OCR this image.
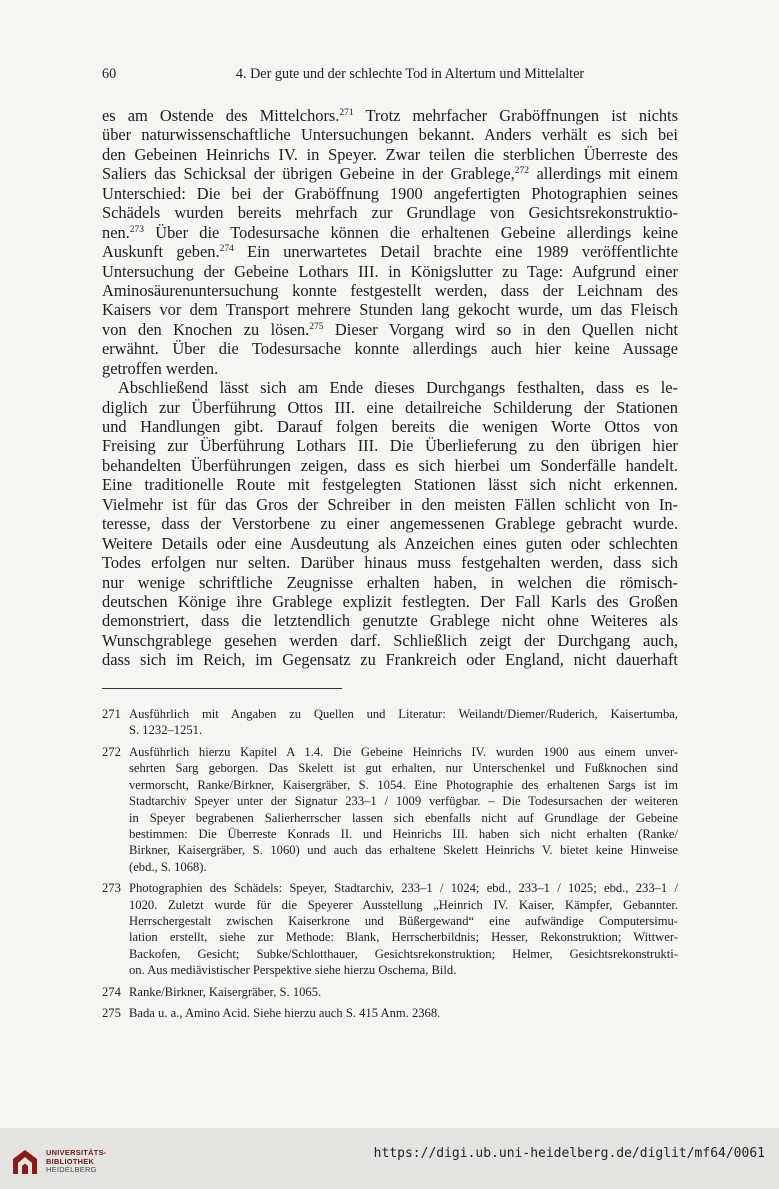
60	4. Der gute und der schlechte Tod in Altertum und Mittelalter
es am Ostende des Mittelchors.$^{271}$ Trotz mehrfacher Graböffnungen ist nichts
über naturwissenschaftliche Untersuchungen bekannt. Anders verhält es sich bei
den Gebeinen Heinrichs IV. in Speyer. Zwar teilen die sterblichen Überreste des
Saliers das Schicksal der übrigen Gebeine in der Grablege,$^{272}$ allerdings mit einem
Unterschied: Die bei der Graböffnung 1900 angefertigten Photographien seines
Schädels wurden bereits mehrfach zur Grundlage von Gesichtsrekonstruktio-
nen.$^{273}$ Über die Todesursache können die erhaltenen Gebeine allerdings keine
Auskunft geben.$^{274}$ Ein unerwartetes Detail brachte eine 1989 veröffentlichte
Untersuchung der Gebeine Lothars III. in Königslutter zu Tage: Aufgrund einer
Aminosäurenuntersuchung konnte festgestellt werden, dass der Leichnam des
Kaisers vor dem Transport mehrere Stunden lang gekocht wurde, um das Fleisch
von den Knochen zu lösen.$^{275}$ Dieser Vorgang wird so in den Quellen nicht
erwähnt. Über die Todesursache konnte allerdings auch hier keine Aussage
getroffen werden.
Abschließend lässt sich am Ende dieses Durchgangs festhalten, dass es le-
diglich zur Überführung Ottos III. eine detailreiche Schilderung der Stationen
und Handlungen gibt. Darauf folgen bereits die wenigen Worte Ottos von
Freising zur Überführung Lothars III. Die Überlieferung zu den übrigen hier
behandelten Überführungen zeigen, dass es sich hierbei um Sonderfälle handelt.
Eine traditionelle Route mit festgelegten Stationen lässt sich nicht erkennen.
Vielmehr ist für das Gros der Schreiber in den meisten Fällen schlicht von In-
teresse, dass der Verstorbene zu einer angemessenen Grablege gebracht wurde.
Weitere Details oder eine Ausdeutung als Anzeichen eines guten oder schlechten
Todes erfolgen nur selten. Darüber hinaus muss festgehalten werden, dass sich
nur wenige schriftliche Zeugnisse erhalten haben, in welchen die römisch-
deutschen Könige ihre Grablege explizit festlegten. Der Fall Karls des Großen
demonstriert, dass die letztendlich genutzte Grablege nicht ohne Weiteres als
Wunschgrablege gesehen werden darf. Schließlich zeigt der Durchgang auch,
dass sich im Reich, im Gegensatz zu Frankreich oder England, nicht dauerhaft
271 Ausführlich mit Angaben zu Quellen und Literatur: Weilandt/Diemer/Ruderich, Kaisertumba,
S. 1232–1251.
272 Ausführlich hierzu Kapitel A 1.4. Die Gebeine Heinrichs IV. wurden 1900 aus einem unver-
sehrten Sarg geborgen. Das Skelett ist gut erhalten, nur Unterschenkel und Fußknochen sind
vermorscht, Ranke/Birkner, Kaisergräber, S. 1054. Eine Photographie des erhaltenen Sargs ist im
Stadtarchiv Speyer unter der Signatur 233–1 / 1009 verfügbar. – Die Todesursachen der weiteren
in Speyer begrabenen Salierherrscher lassen sich ebenfalls nicht auf Grundlage der Gebeine
bestimmen: Die Überreste Konrads II. und Heinrichs III. haben sich nicht erhalten (Ranke/
Birkner, Kaisergräber, S. 1060) und auch das erhaltene Skelett Heinrichs V. bietet keine Hinweise
(ebd., S. 1068).
273 Photographien des Schädels: Speyer, Stadtarchiv, 233–1 / 1024; ebd., 233–1 / 1025; ebd., 233–1 /
1020. Zuletzt wurde für die Speyerer Ausstellung „Heinrich IV. Kaiser, Kämpfer, Gebannter.
Herrschergestalt zwischen Kaiserkrone und Büßergewand“ eine aufwändige Computersimu-
lation erstellt, siehe zur Methode: Blank, Herrscherbildnis; Hesser, Rekonstruktion; Wittwer-
Backofen, Gesicht; Subke/Schlotthauer, Gesichtsrekonstruktion; Helmer, Gesichtsrekonstrukti-
on. Aus mediävistischer Perspektive siehe hierzu Oschema, Bild.
274 Ranke/Birkner, Kaisergräber, S. 1065.
275 Bada u. a., Amino Acid. Siehe hierzu auch S. 415 Anm. 2368.
UNIVERSITÄTS-
BIBLIOTHEK
HEIDELBERG
https://digi.ub.uni-heidelberg.de/diglit/mf64/0061
